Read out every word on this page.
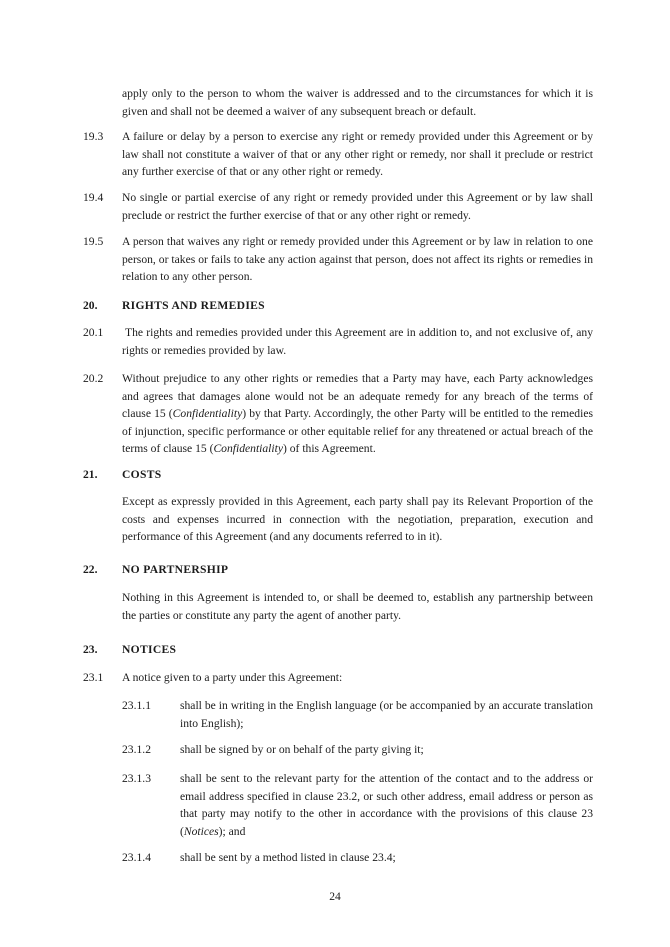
apply only to the person to whom the waiver is addressed and to the circumstances for which it is given and shall not be deemed a waiver of any subsequent breach or default.

19.3 A failure or delay by a person to exercise any right or remedy provided under this Agreement or by law shall not constitute a waiver of that or any other right or remedy, nor shall it preclude or restrict any further exercise of that or any other right or remedy.

19.4 No single or partial exercise of any right or remedy provided under this Agreement or by law shall preclude or restrict the further exercise of that or any other right or remedy.

19.5 A person that waives any right or remedy provided under this Agreement or by law in relation to one person, or takes or fails to take any action against that person, does not affect its rights or remedies in relation to any other person.

20. RIGHTS AND REMEDIES

20.1 The rights and remedies provided under this Agreement are in addition to, and not exclusive of, any rights or remedies provided by law.

20.2 Without prejudice to any other rights or remedies that a Party may have, each Party acknowledges and agrees that damages alone would not be an adequate remedy for any breach of the terms of clause 15 (Confidentiality) by that Party. Accordingly, the other Party will be entitled to the remedies of injunction, specific performance or other equitable relief for any threatened or actual breach of the terms of clause 15 (Confidentiality) of this Agreement.

21. COSTS

Except as expressly provided in this Agreement, each party shall pay its Relevant Proportion of the costs and expenses incurred in connection with the negotiation, preparation, execution and performance of this Agreement (and any documents referred to in it).

22. NO PARTNERSHIP

Nothing in this Agreement is intended to, or shall be deemed to, establish any partnership between the parties or constitute any party the agent of another party.

23. NOTICES

23.1 A notice given to a party under this Agreement:

23.1.1	shall be in writing in the English language (or be accompanied by an accurate translation into English);

23.1.2	shall be signed by or on behalf of the party giving it;

23.1.3	shall be sent to the relevant party for the attention of the contact and to the address or email address specified in clause 23.2, or such other address, email address or person as that party may notify to the other in accordance with the provisions of this clause 23 (Notices); and

23.1.4	shall be sent by a method listed in clause 23.4;

24
